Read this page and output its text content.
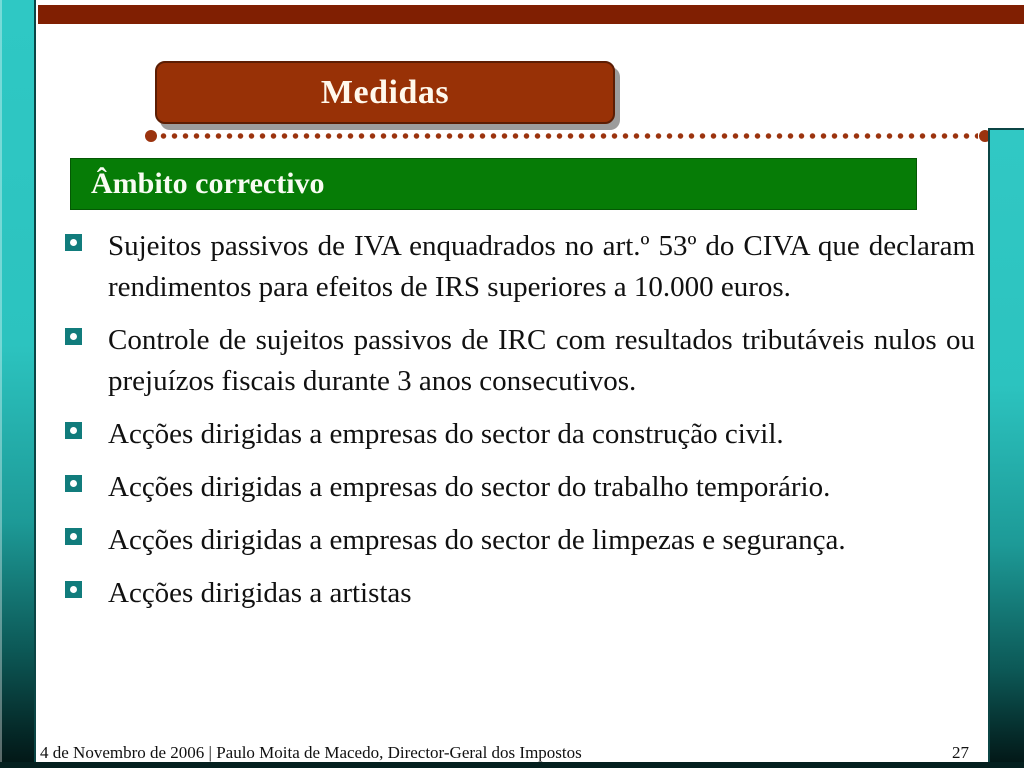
Medidas
Âmbito correctivo
Sujeitos passivos de IVA enquadrados no art.º 53º do CIVA que declaram rendimentos para efeitos de IRS superiores a 10.000 euros.
Controle de sujeitos passivos de IRC com resultados tributáveis nulos ou prejuízos fiscais durante 3 anos consecutivos.
Acções dirigidas a empresas do sector da construção civil.
Acções dirigidas a empresas do sector do trabalho temporário.
Acções dirigidas a empresas do sector de limpezas e segurança.
Acções dirigidas a artistas
4 de Novembro de 2006 | Paulo Moita de Macedo, Director-Geral dos Impostos	27
